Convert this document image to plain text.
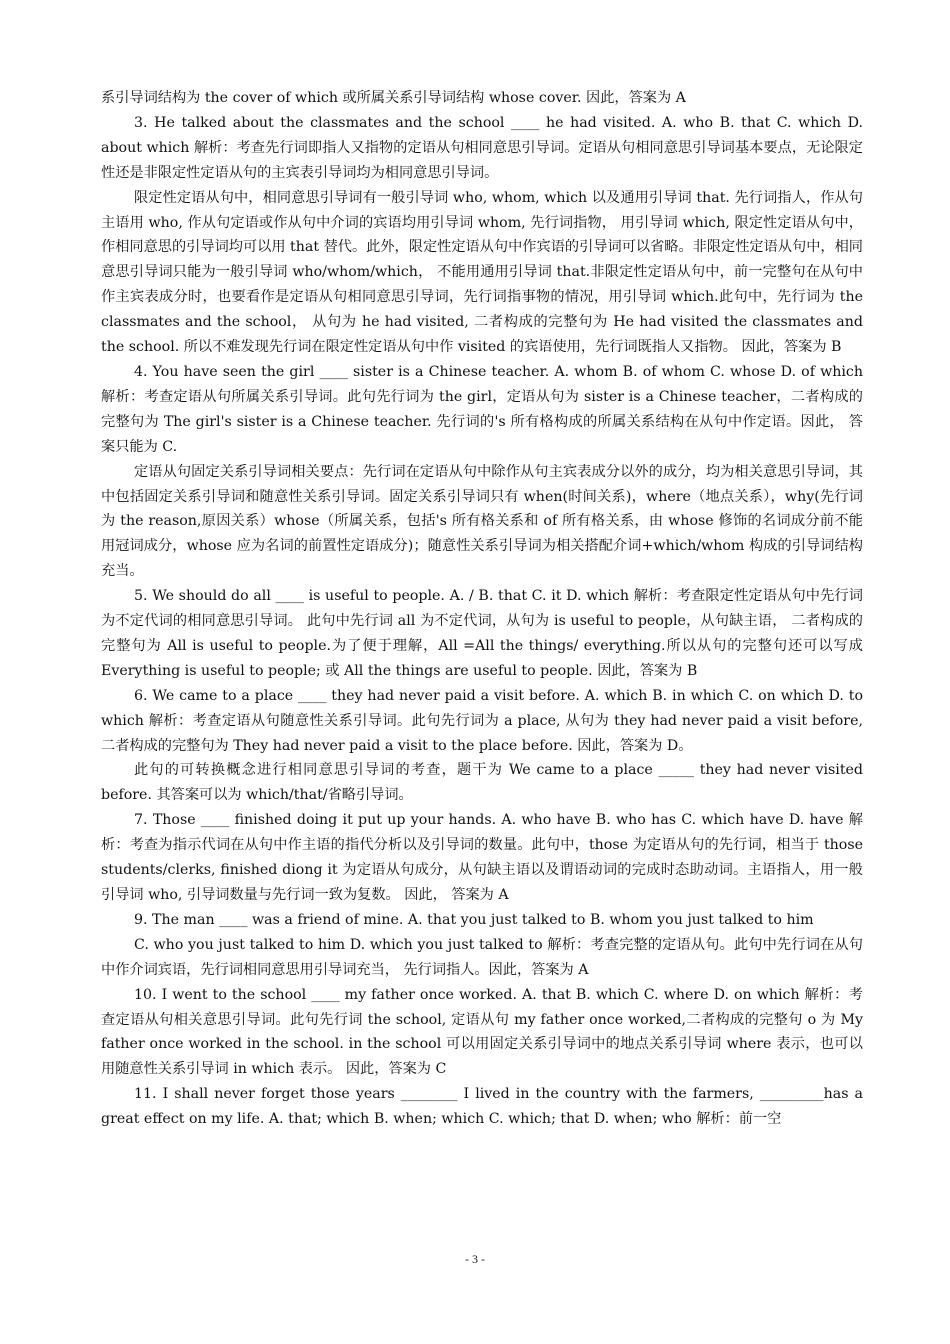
系引导词结构为 the cover of which 或所属关系引导词结构 whose cover. 因此，答案为 A

3. He talked about the classmates and the school ____ he had visited. A. who B. that C. which D. about which 解析：考查先行词即指人又指物的定语从句相同意思引导词。定语从句相同意思引导词基本要点，无论限定性还是非限定性定语从句的主宾表引导词均为相同意思引导词。

限定性定语从句中，相同意思引导词有一般引导词 who, whom, which 以及通用引导词 that. 先行词指人，作从句主语用 who, 作从句定语或作从句中介词的宾语均用引导词 whom, 先行词指物， 用引导词 which, 限定性定语从句中，作相同意思的引导词均可以用 that 替代。此外，限定性定语从句中作宾语的引导词可以省略。非限定性定语从句中，相同意思引导词只能为一般引导词 who/whom/which， 不能用通用引导词 that.非限定性定语从句中，前一完整句在从句中作主宾表成分时，也要看作是定语从句相同意思引导词，先行词指事物的情况，用引导词 which.此句中，先行词为 the classmates and the school， 从句为 he had visited, 二者构成的完整句为 He had visited the classmates and the school. 所以不难发现先行词在限定性定语从句中作 visited 的宾语使用，先行词既指人又指物。 因此，答案为 B

4. You have seen the girl ____ sister is a Chinese teacher. A. whom B. of whom C. whose D. of which 解析：考查定语从句所属关系引导词。此句先行词为 the girl，定语从句为 sister is a Chinese teacher，二者构成的完整句为 The girl's sister is a Chinese teacher. 先行词的's 所有格构成的所属关系结构在从句中作定语。因此， 答案只能为 C.

定语从句固定关系引导词相关要点：先行词在定语从句中除作从句主宾表成分以外的成分，均为相关意思引导词，其中包括固定关系引导词和随意性关系引导词。固定关系引导词只有 when(时间关系)，where（地点关系），why(先行词为 the reason,原因关系）whose（所属关系，包括's 所有格关系和 of 所有格关系，由 whose 修饰的名词成分前不能用冠词成分，whose 应为名词的前置性定语成分)；随意性关系引导词为相关搭配介词+which/whom 构成的引导词结构充当。

5. We should do all ____ is useful to people. A. / B. that C. it D. which 解析：考查限定性定语从句中先行词为不定代词的相同意思引导词。 此句中先行词 all 为不定代词，从句为 is useful to people，从句缺主语， 二者构成的完整句为 All is useful to people.为了便于理解，All =All the things/ everything.所以从句的完整句还可以写成 Everything is useful to people; 或 All the things are useful to people. 因此，答案为 B

6. We came to a place ____ they had never paid a visit before. A. which B. in which C. on which D. to which 解析：考查定语从句随意性关系引导词。此句先行词为 a place, 从句为 they had never paid a visit before, 二者构成的完整句为 They had never paid a visit to the place before. 因此，答案为 D。

此句的可转换概念进行相同意思引导词的考查，题干为 We came to a place _____ they had never visited before. 其答案可以为 which/that/省略引导词。

7. Those ____ finished doing it put up your hands. A. who have B. who has C. which have D. have 解析：考查为指示代词在从句中作主语的指代分析以及引导词的数量。此句中，those 为定语从句的先行词，相当于 those students/clerks, finished diong it 为定语从句成分，从句缺主语以及谓语动词的完成时态助动词。主语指人，用一般引导词 who, 引导词数量与先行词一致为复数。 因此， 答案为 A

9. The man ____ was a friend of mine. A. that you just talked to B. whom you just talked to him

C. who you just talked to him D. which you just talked to 解析：考查完整的定语从句。此句中先行词在从句中作介词宾语，先行词相同意思用引导词充当， 先行词指人。因此，答案为 A

10. I went to the school ____ my father once worked. A. that B. which C. where D. on which 解析：考查定语从句相关意思引导词。此句先行词 the school, 定语从句 my father once worked,二者构成的完整句 o 为 My father once worked in the school. in the school 可以用固定关系引导词中的地点关系引导词 where 表示，也可以用随意性关系引导词 in which 表示。 因此，答案为 C

11. I shall never forget those years ________ I lived in the country with the farmers, _________has a great effect on my life. A. that; which B. when; which C. which; that D. when; who 解析：前一空

- 3 -
